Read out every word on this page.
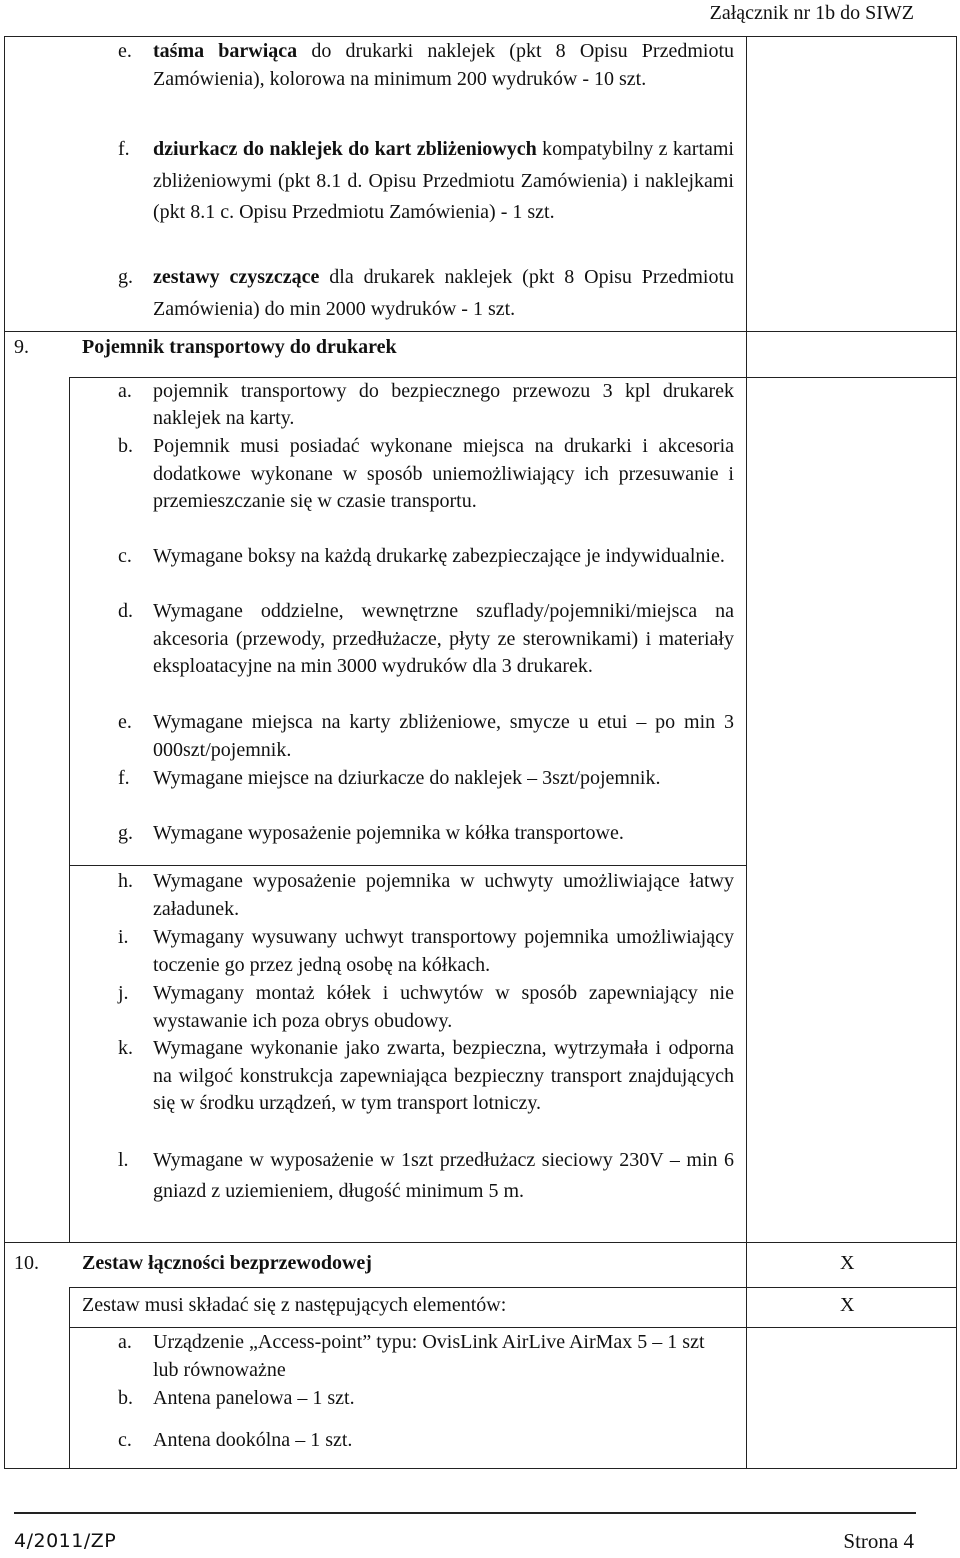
Załącznik nr 1b do SIWZ
e. taśma barwiąca do drukarki naklejek (pkt 8 Opisu Przedmiotu Zamówienia), kolorowa na minimum 200 wydruków - 10 szt.
f. dziurkacz do naklejek do kart zbliżeniowych kompatybilny z kartami zbliżeniowymi (pkt 8.1 d. Opisu Przedmiotu Zamówienia) i naklejkami (pkt 8.1 c. Opisu Przedmiotu Zamówienia) - 1 szt.
g. zestawy czyszczące dla drukarek naklejek (pkt 8 Opisu Przedmiotu Zamówienia) do min 2000 wydruków - 1 szt.
9.	Pojemnik transportowy do drukarek
a. pojemnik transportowy do bezpiecznego przewozu 3 kpl drukarek naklejek na karty.
b. Pojemnik musi posiadać wykonane miejsca na drukarki i akcesoria dodatkowe wykonane w sposób uniemożliwiający ich przesuwanie i przemieszczanie się w czasie transportu.
c. Wymagane boksy na każdą drukarkę zabezpieczające je indywidualnie.
d. Wymagane oddzielne, wewnętrzne szuflady/pojemniki/miejsca na akcesoria (przewody, przedłużacze, płyty ze sterownikami) i materiały eksploatacyjne na min 3000 wydruków dla 3 drukarek.
e. Wymagane miejsca na karty zbliżeniowe, smycze u etui – po min 3 000szt/pojemnik.
f. Wymagane miejsce na dziurkacze do naklejek – 3szt/pojemnik.
g. Wymagane wyposażenie pojemnika w kółka transportowe.
h. Wymagane wyposażenie pojemnika w uchwyty umożliwiające łatwy załadunek.
i. Wymagany wysuwany uchwyt transportowy pojemnika umożliwiający toczenie go przez jedną osobę na kółkach.
j. Wymagany montaż kółek i uchwytów w sposób zapewniający nie wystawanie ich poza obrys obudowy.
k. Wymagane wykonanie jako zwarta, bezpieczna, wytrzymała i odporna na wilgoć konstrukcja zapewniająca bezpieczny transport znajdujących się w środku urządzeń, w tym transport lotniczy.
l. Wymagane w wyposażenie w 1szt przedłużacz sieciowy 230V – min 6 gniazd z uziemieniem, długość minimum 5 m.
10. Zestaw łączności bezprzewodowej	X
Zestaw musi składać się z następujących elementów:	X
a. Urządzenie „Access-point” typu: OvisLink AirLive AirMax 5 – 1 szt lub równoważne
b. Antena panelowa – 1 szt.
c. Antena dookólna – 1 szt.
4/2011/ZP	Strona 4
